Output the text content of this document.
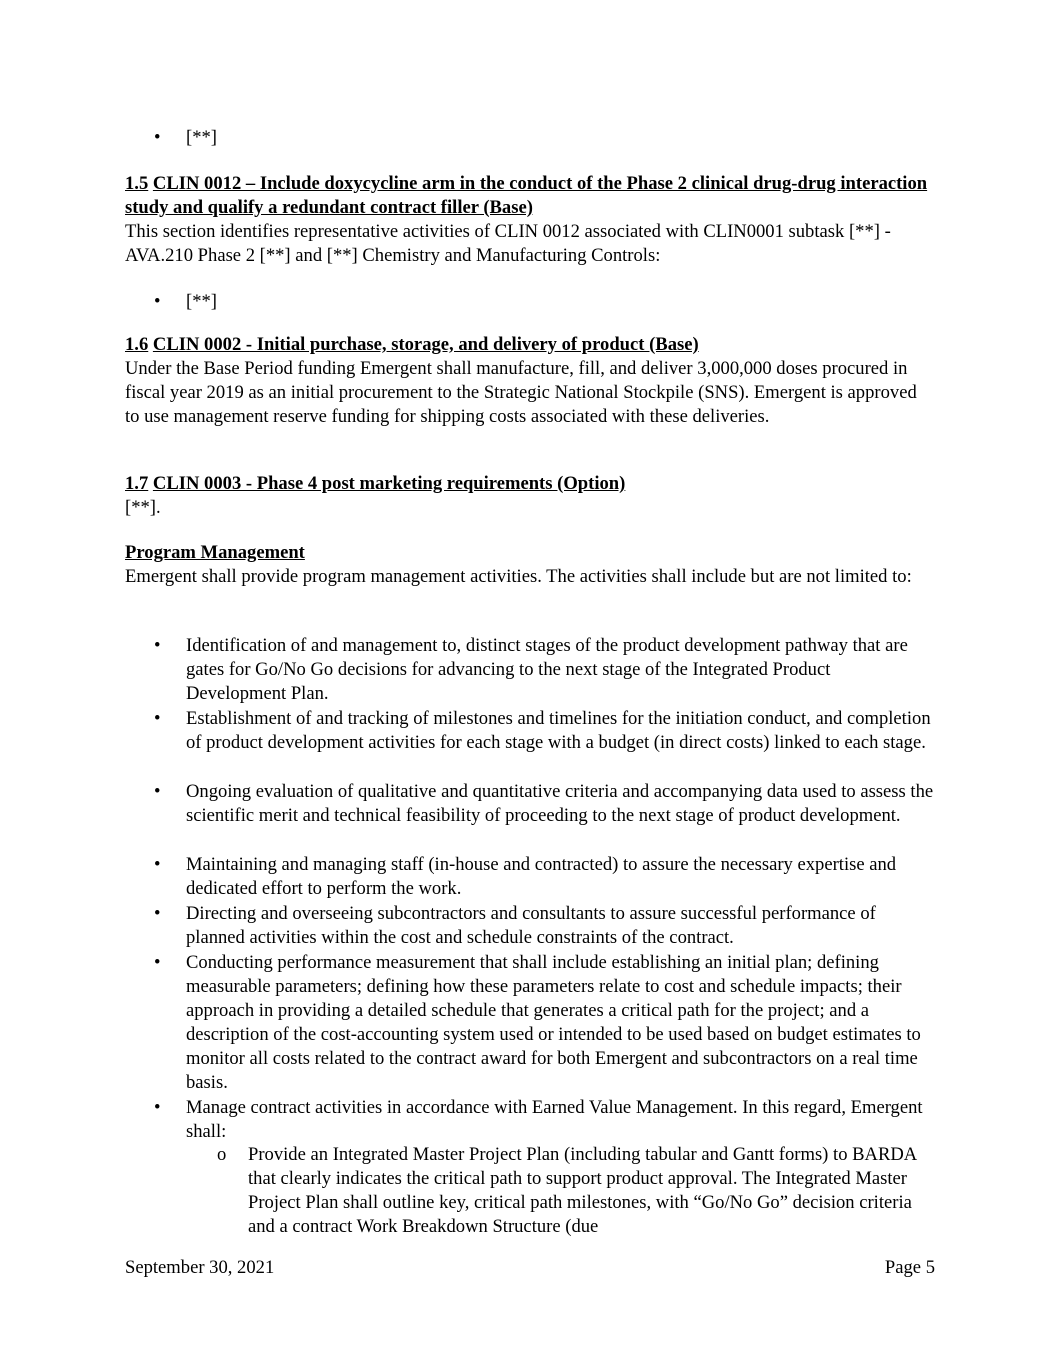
•	[**]

1.5 CLIN 0012 – Include doxycycline arm in the conduct of the Phase 2 clinical drug-drug interaction study and qualify a redundant contract filler (Base)

This section identifies representative activities of CLIN 0012 associated with CLIN0001 subtask [**] - AVA.210 Phase 2 [**] and [**] Chemistry and Manufacturing Controls:

•	[**]

1.6 CLIN 0002 - Initial purchase, storage, and delivery of product (Base)

Under the Base Period funding Emergent shall manufacture, fill, and deliver 3,000,000 doses procured in fiscal year 2019 as an initial procurement to the Strategic National Stockpile (SNS). Emergent is approved to use management reserve funding for shipping costs associated with these deliveries.

1.7 CLIN 0003 - Phase 4 post marketing requirements (Option)

[**].

Program Management

Emergent shall provide program management activities. The activities shall include but are not limited to:

•	Identification of and management to, distinct stages of the product development pathway that are gates for Go/No Go decisions for advancing to the next stage of the Integrated Product Development Plan.
•	Establishment of and tracking of milestones and timelines for the initiation conduct, and completion of product development activities for each stage with a budget (in direct costs) linked to each stage.
•	Ongoing evaluation of qualitative and quantitative criteria and accompanying data used to assess the scientific merit and technical feasibility of proceeding to the next stage of product development.
•	Maintaining and managing staff (in-house and contracted) to assure the necessary expertise and dedicated effort to perform the work.
•	Directing and overseeing subcontractors and consultants to assure successful performance of planned activities within the cost and schedule constraints of the contract.
•	Conducting performance measurement that shall include establishing an initial plan; defining measurable parameters; defining how these parameters relate to cost and schedule impacts; their approach in providing a detailed schedule that generates a critical path for the project; and a description of the cost-accounting system used or intended to be used based on budget estimates to monitor all costs related to the contract award for both Emergent and subcontractors on a real time basis.
•	Manage contract activities in accordance with Earned Value Management. In this regard, Emergent shall:
o Provide an Integrated Master Project Plan (including tabular and Gantt forms) to BARDA that clearly indicates the critical path to support product approval. The Integrated Master Project Plan shall outline key, critical path milestones, with “Go/No Go” decision criteria and a contract Work Breakdown Structure (due
September 30, 2021	Page 5
